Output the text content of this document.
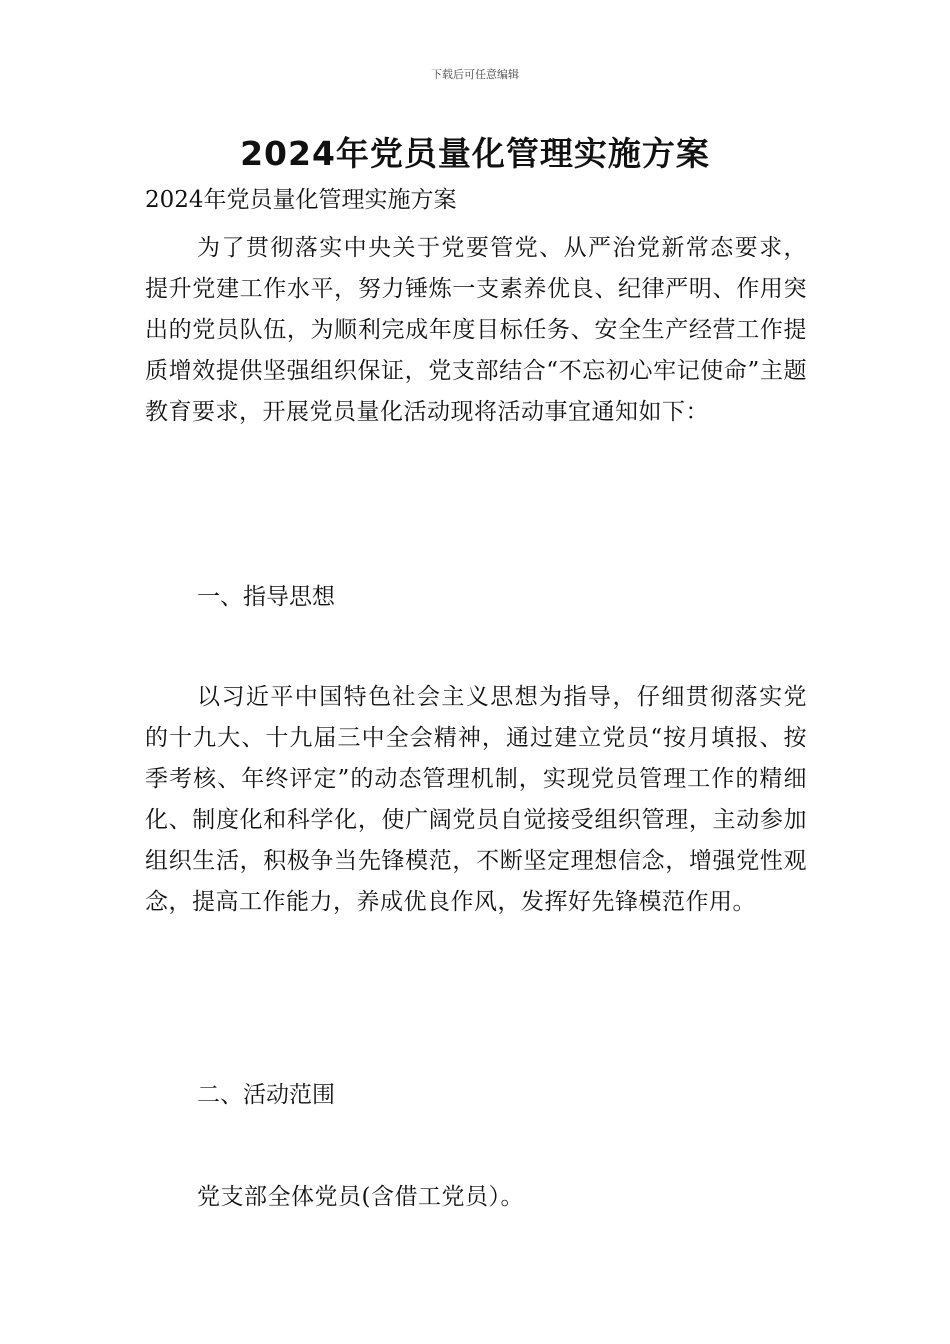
下载后可任意编辑
2024年党员量化管理实施方案
2024年党员量化管理实施方案
为了贯彻落实中央关于党要管党、从严治党新常态要求，提升党建工作水平，努力锤炼一支素养优良、纪律严明、作用突出的党员队伍，为顺利完成年度目标任务、安全生产经营工作提质增效提供坚强组织保证，党支部结合“不忘初心牢记使命”主题教育要求，开展党员量化活动现将活动事宜通知如下：
一、指导思想
以习近平中国特色社会主义思想为指导，仔细贯彻落实党的十九大、十九届三中全会精神，通过建立党员“按月填报、按季考核、年终评定”的动态管理机制，实现党员管理工作的精细化、制度化和科学化，使广阔党员自觉接受组织管理，主动参加组织生活，积极争当先锋模范，不断坚定理想信念，增强党性观念，提高工作能力，养成优良作风，发挥好先锋模范作用。
二、活动范围
党支部全体党员(含借工党员）。
